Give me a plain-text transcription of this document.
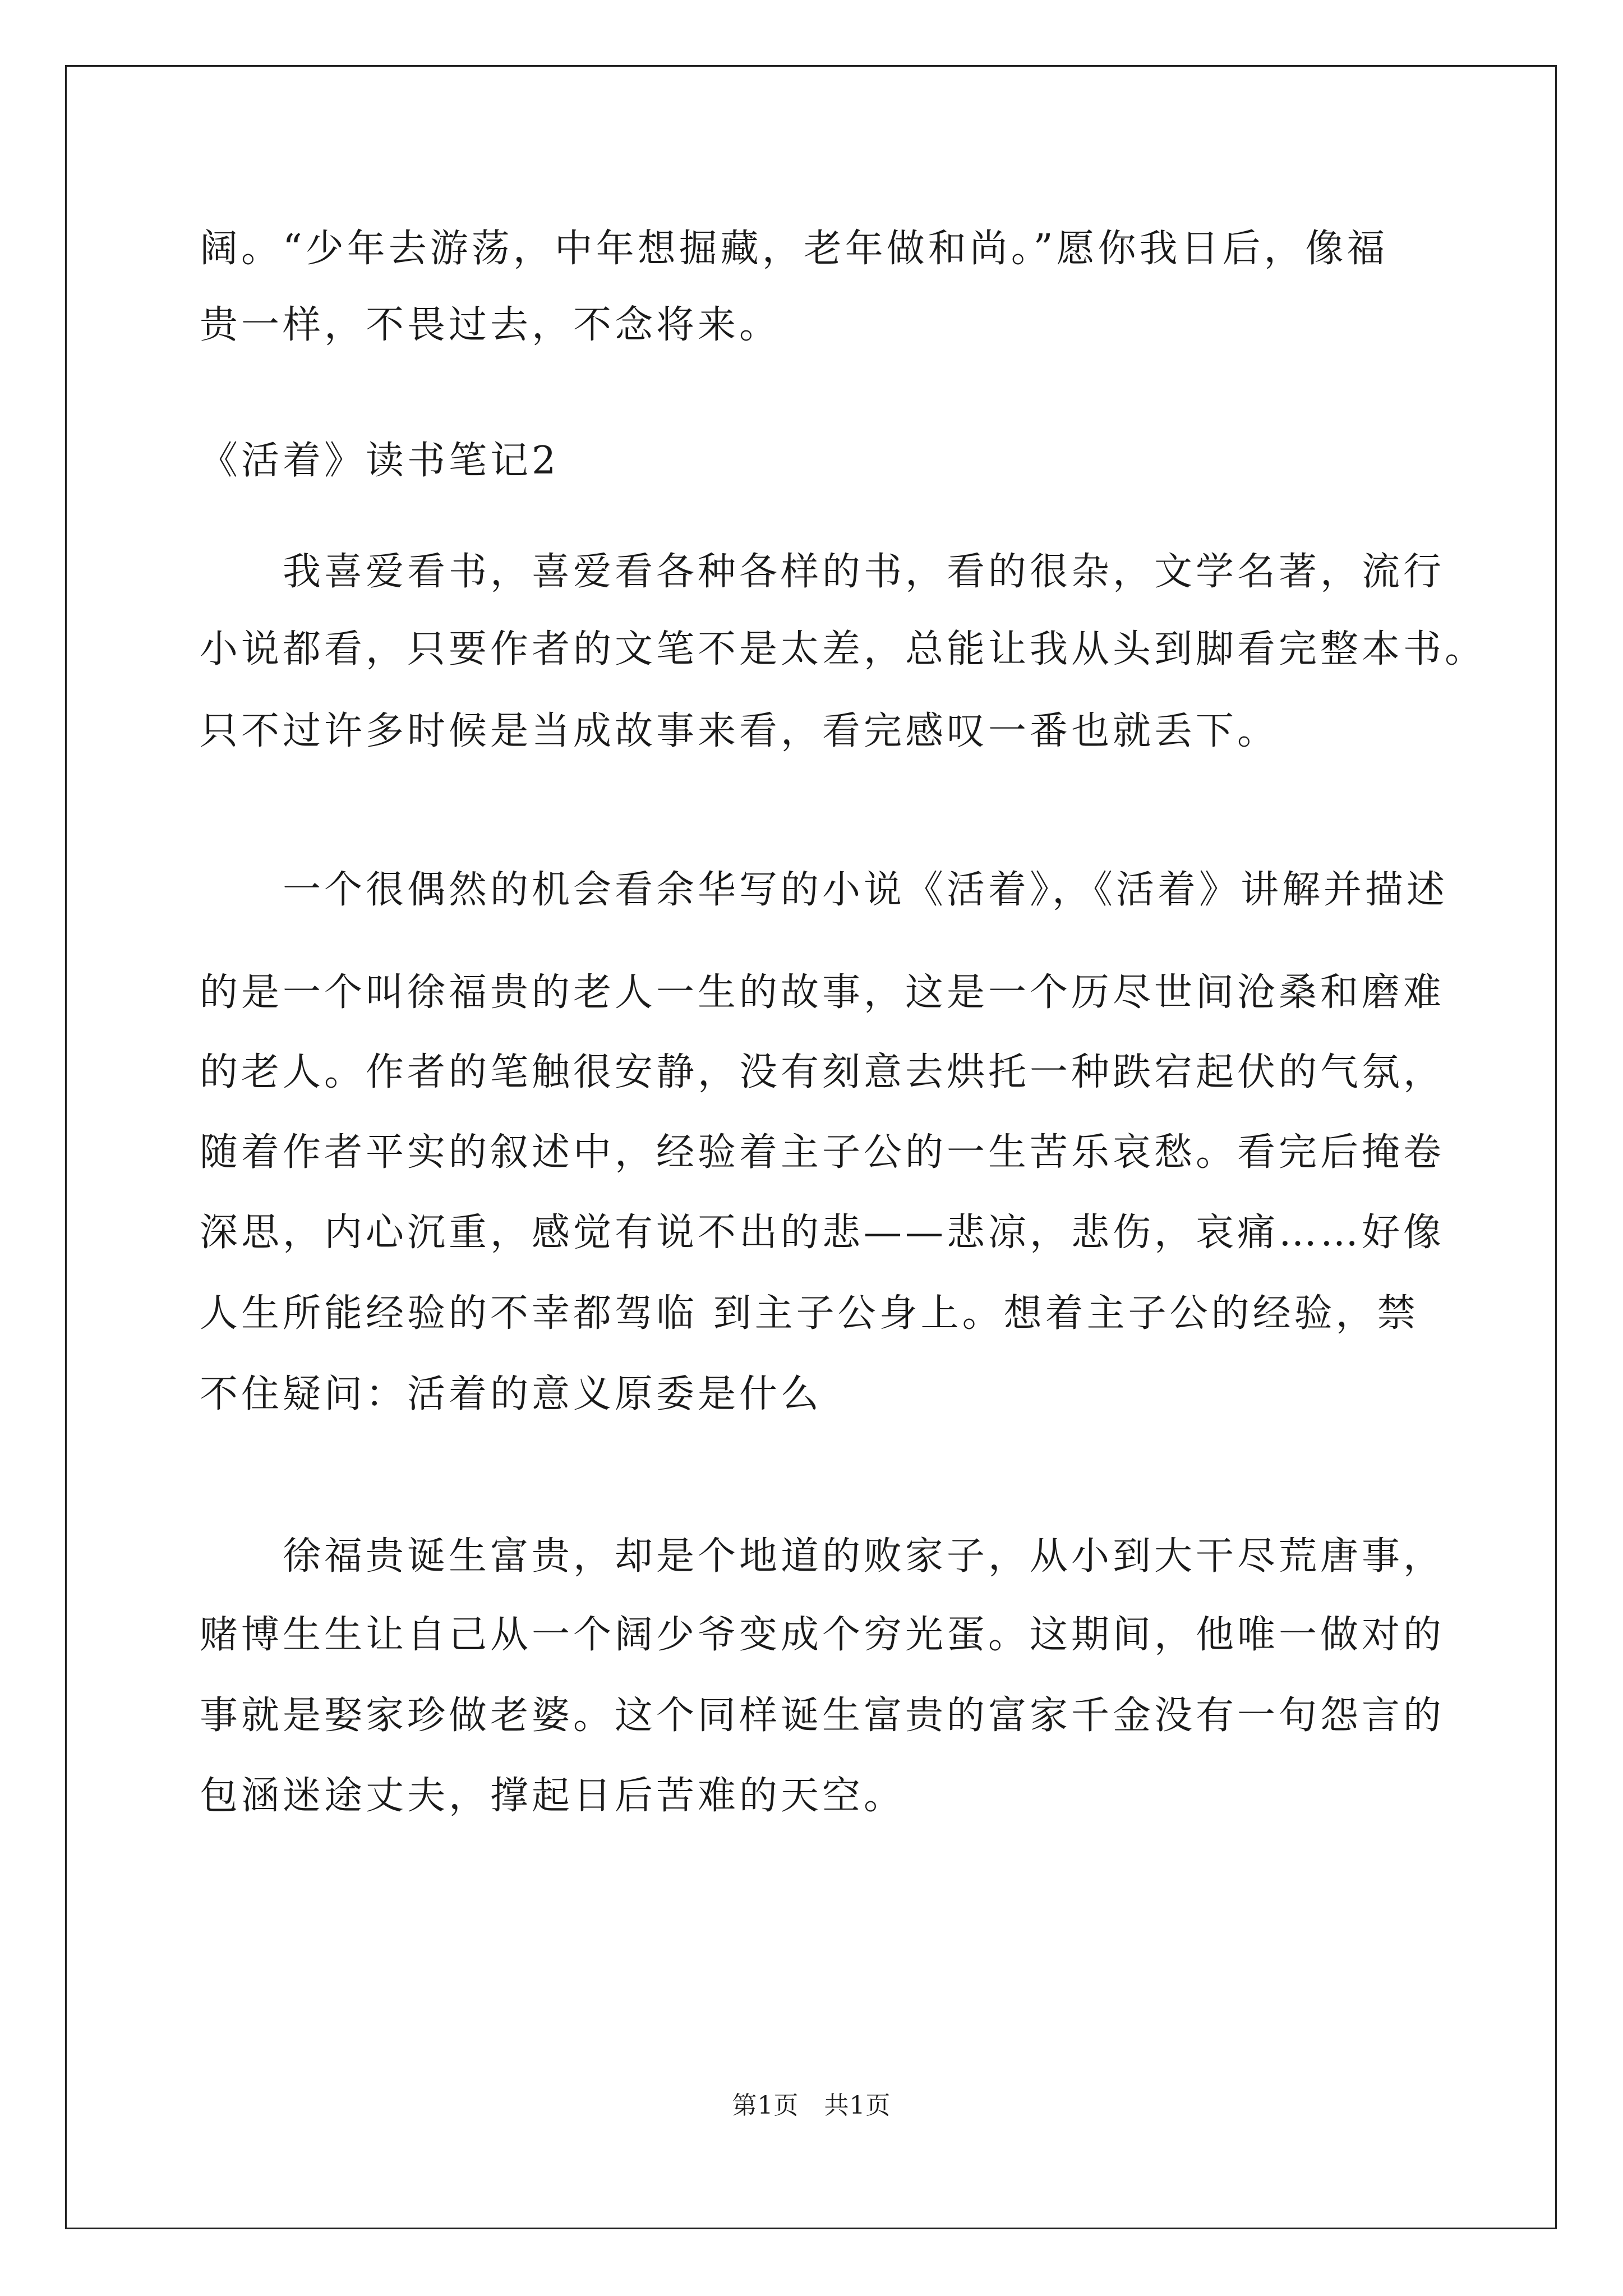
阔。“少年去游荡，中年想掘藏，老年做和尚。”愿你我日后，像福
贵一样，不畏过去，不念将来。
《活着》读书笔记2
　　我喜爱看书，喜爱看各种各样的书，看的很杂，文学名著，流行
小说都看，只要作者的文笔不是太差，总能让我从头到脚看完整本书。
只不过许多时候是当成故事来看，看完感叹一番也就丢下。
　　一个很偶然的机会看余华写的小说《活着》，《活着》讲解并描述
的是一个叫徐福贵的老人一生的故事，这是一个历尽世间沧桑和磨难
的老人。作者的笔触很安静，没有刻意去烘托一种跌宕起伏的气氛，
随着作者平实的叙述中，经验着主子公的一生苦乐哀愁。看完后掩卷
深思，内心沉重，感觉有说不出的悲——悲凉，悲伤，哀痛……好像
人生所能经验的不幸都驾临 到主子公身上。想着主子公的经验，禁
不住疑问：活着的意义原委是什么
　　徐福贵诞生富贵，却是个地道的败家子，从小到大干尽荒唐事，
赌博生生让自己从一个阔少爷变成个穷光蛋。这期间，他唯一做对的
事就是娶家珍做老婆。这个同样诞生富贵的富家千金没有一句怨言的
包涵迷途丈夫，撑起日后苦难的天空。
第1页　共1页
